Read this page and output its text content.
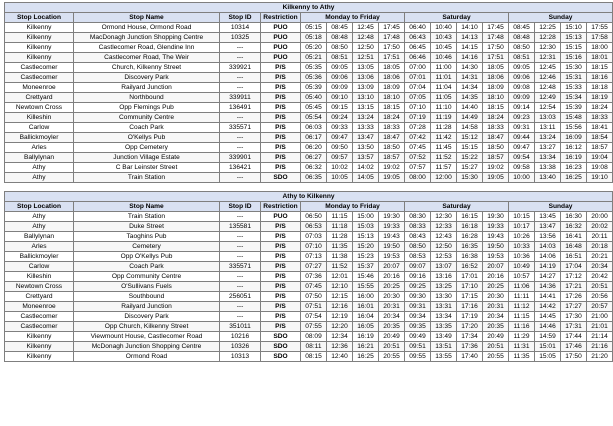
Kilkenny to Athy															
Stop Location	Stop Name	Stop ID	Restriction	Monday to Friday				Saturday				Sunday			
Kilkenny	Ormond House, Ormond Road	10314	PUO	05:15	08:45	12:45	17:45	06:40	10:40	14:10	17:45	08:45	12:25	15:10	17:55
Kilkenny	MacDonagh Junction Shopping Centre	10325	PUO	05:18	08:48	12:48	17:48	06:43	10:43	14:13	17:48	08:48	12:28	15:13	17:58
Kilkenny	Castlecomer Road, Glendine Inn	---	PUO	05:20	08:50	12:50	17:50	06:45	10:45	14:15	17:50	08:50	12:30	15:15	18:00
Kilkenny	Castlecomer Road, The Weir	---	PUO	05:21	08:51	12:51	17:51	06:46	10:46	14:16	17:51	08:51	12:31	15:16	18:01
Castlecomer	Church, Kilkenny Street	339921	P/S	05:35	09:05	13:05	18:05	07:00	11:00	14:30	18:05	09:05	12:45	15:30	18:15
Castlecomer	Discovery Park	---	P/S	05:36	09:06	13:06	18:06	07:01	11:01	14:31	18:06	09:06	12:46	15:31	18:16
Moneenroe	Railyard Junction	---	P/S	05:39	09:09	13:09	18:09	07:04	11:04	14:34	18:09	09:08	12:48	15:33	18:18
Crettyard	Northbound	339911	P/S	05:40	09:10	13:10	18:10	07:05	11:05	14:35	18:10	09:09	12:49	15:34	18:19
Newtown Cross	Opp Flemings Pub	136491	P/S	05:45	09:15	13:15	18:15	07:10	11:10	14:40	18:15	09:14	12:54	15:39	18:24
Killeshin	Community Centre	---	P/S	05:54	09:24	13:24	18:24	07:19	11:19	14:49	18:24	09:23	13:03	15:48	18:33
Carlow	Coach Park	335571	P/S	06:03	09:33	13:33	18:33	07:28	11:28	14:58	18:33	09:31	13:11	15:56	18:41
Ballickmoyler	O'Kellys Pub	---	P/S	06:17	09:47	13:47	18:47	07:42	11:42	15:12	18:47	09:44	13:24	16:09	18:54
Arles	Opp Cemetery	---	P/S	06:20	09:50	13:50	18:50	07:45	11:45	15:15	18:50	09:47	13:27	16:12	18:57
Ballylynan	Junction Village Estate	339901	P/S	06:27	09:57	13:57	18:57	07:52	11:52	15:22	18:57	09:54	13:34	16:19	19:04
Athy	C Bar Leinster Street	136421	P/S	06:32	10:02	14:02	19:02	07:57	11:57	15:27	19:02	09:58	13:38	16:23	19:08
Athy	Train Station	---	SDO	06:35	10:05	14:05	19:05	08:00	12:00	15:30	19:05	10:00	13:40	16:25	19:10
Athy to Kilkenny															
Stop Location	Stop Name	Stop ID	Restriction	Monday to Friday				Saturday				Sunday			
Athy	Train Station	---	PUO	06:50	11:15	15:00	19:30	08:30	12:30	16:15	19:30	10:15	13:45	16:30	20:00
Athy	Duke Street	135581	P/S	06:53	11:18	15:03	19:33	08:33	12:33	16:18	19:33	10:17	13:47	16:32	20:02
Ballylynan	Taoghins Pub	---	P/S	07:03	11:28	15:13	19:43	08:43	12:43	16:28	19:43	10:26	13:56	16:41	20:11
Arles	Cemetery	---	P/S	07:10	11:35	15:20	19:50	08:50	12:50	16:35	19:50	10:33	14:03	16:48	20:18
Ballickmoyler	Opp O'Kellys Pub	---	P/S	07:13	11:38	15:23	19:53	08:53	12:53	16:38	19:53	10:36	14:06	16:51	20:21
Carlow	Coach Park	335571	P/S	07:27	11:52	15:37	20:07	09:07	13:07	16:52	20:07	10:49	14:19	17:04	20:34
Killeshin	Opp Community Centre	---	P/S	07:36	12:01	15:46	20:16	09:16	13:16	17:01	20:16	10:57	14:27	17:12	20:42
Newtown Cross	O'Sullivans Fuels	---	P/S	07:45	12:10	15:55	20:25	09:25	13:25	17:10	20:25	11:06	14:36	17:21	20:51
Crettyard	Southbound	256051	P/S	07:50	12:15	16:00	20:30	09:30	13:30	17:15	20:30	11:11	14:41	17:26	20:56
Moneenroe	Railyard Junction	---	P/S	07:51	12:16	16:01	20:31	09:31	13:31	17:16	20:31	11:12	14:42	17:27	20:57
Castlecomer	Discovery Park	---	P/S	07:54	12:19	16:04	20:34	09:34	13:34	17:19	20:34	11:15	14:45	17:30	21:00
Castlecomer	Opp Church, Kilkenny Street	351011	P/S	07:55	12:20	16:05	20:35	09:35	13:35	17:20	20:35	11:16	14:46	17:31	21:01
Kilkenny	Viewmount House, Castlecomer Road	10216	SDO	08:09	12:34	16:19	20:49	09:49	13:49	17:34	20:49	11:29	14:59	17:44	21:14
Kilkenny	McDonagh Junction Shopping Centre	10326	SDO	08:11	12:36	16:21	20:51	09:51	13:51	17:36	20:51	11:31	15:01	17:46	21:16
Kilkenny	Ormond Road	10313	SDO	08:15	12:40	16:25	20:55	09:55	13:55	17:40	20:55	11:35	15:05	17:50	21:20
